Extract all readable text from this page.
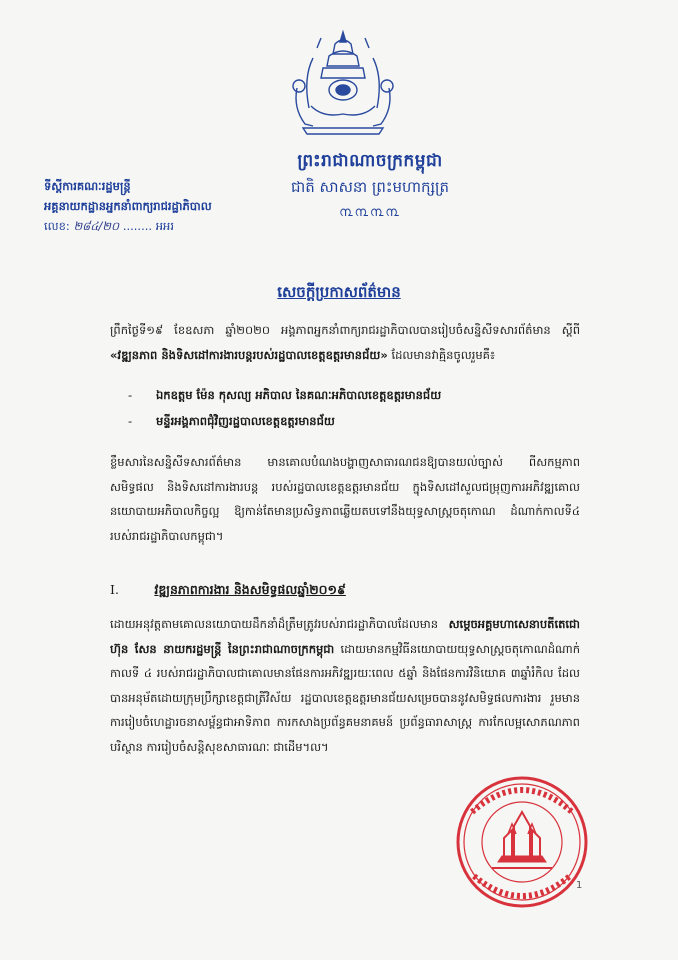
ព្រះរាជាណាចក្រកម្ពុជា
ជាតិ សាសនា ព្រះមហាក្សត្រ
൩൩൩൩
ទីស្ដីការគណៈរដ្ឋមន្ត្រី
អគ្គនាយកដ្ឋានអ្នកនាំពាក្យរាជរដ្ឋាភិបាល
លេខ: ២៨៤/២០ ........ អអរ
សេចក្តីប្រកាសព័ត៌មាន
ព្រឹកថ្ងៃទី១៩ ខែឧសភា ឆ្នាំ២០២០ អង្គភាពអ្នកនាំពាក្យរាជរដ្ឋាភិបាលបានរៀបចំសន្និសីទសារព័ត៌មាន ស្ដីពី «វឌ្ឍនភាព និងទិសដៅការងារបន្ដរបស់រដ្ឋបាលខេត្តឧត្តរមានជ័យ» ដែលមានវាគ្មិនចូលរួមគឺ៖
- ឯកឧត្តម ម៉ែន កុសល្យ អភិបាល នៃគណៈអភិបាលខេត្តឧត្តរមានជ័យ
- មន្ទីរអង្គភាពជុំវិញរដ្ឋបាលខេត្តឧត្តរមានជ័យ
ខ្លឹមសារនៃសន្និសីទសារព័ត៌មាន មានគោលបំណងបង្ហាញសាធារណជនឱ្យបានយល់ច្បាស់ ពីសកម្មភាព សមិទ្ធផល និងទិសដៅការងារបន្ត របស់រដ្ឋបាលខេត្តឧត្តរមានជ័យ ក្នុងទិសដៅសួលជម្រុញការអភិវឌ្ឍគោលនយោបាយអភិបាលកិច្ចល្អ ឱ្យកាន់តែមានប្រសិទ្ធភាពឆ្លើយតបទៅនឹងយុទ្ធសាស្ត្រចតុកោណ ដំណាក់កាលទី៤ របស់រាជរដ្ឋាភិបាលកម្ពុជា។
I.	វឌ្ឍនភាពការងារ និងសមិទ្ធផលឆ្នាំ២០១៩
ដោយអនុវត្តតាមគោលនយោបាយដឹកនាំដ៏ត្រឹមត្រូវរបស់រាជរដ្ឋាភិបាលដែលមាន សម្ដេចអគ្គមហាសេនាបតីតេជោ ហ៊ុន សែន នាយករដ្ឋមន្ត្រី នៃព្រះរាជាណាចក្រកម្ពុជា ដោយមានកម្មវិធីនយោបាយយុទ្ធសាស្ត្រចតុកោណដំណាក់កាលទី ៤ របស់រាជរដ្ឋាភិបាលជាគោលមានផែនការអភិវឌ្ឍរយៈពេល ៥ឆ្នាំ និងផែនការវិនិយោគ ៣ឆ្នាំរំកិល ដែលបានអនុម័តដោយក្រុមប្រឹក្សាខេត្តជាត្រីវិស័យ រដ្ឋបាលខេត្តឧត្តរមានជ័យសម្រេចបាននូវសមិទ្ធផលការងារ រួមមាន ការរៀបចំហេដ្ឋារចនាសម្ព័ន្ធជាអាទិភាព ការកសាងប្រព័ន្ធគមនាគមន៍ ប្រព័ន្ធធារាសាស្ត្រ ការកែលម្អសោភណភាព បរិស្ថាន ការរៀបចំសន្តិសុខសាធារណៈ ជាដើម។ល។
1
